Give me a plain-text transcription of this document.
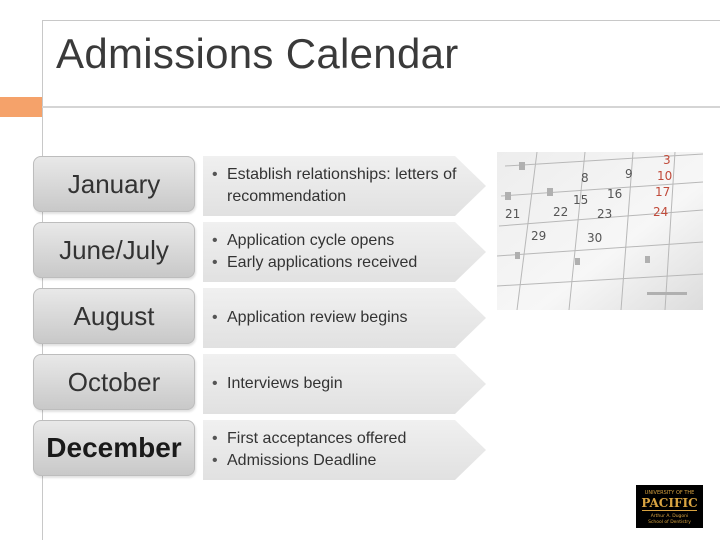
Admissions Calendar
January	• Establish relationships: letters of recommendation
June/July	• Application cycle opens
• Early applications received
August	• Application review begins
October	• Interviews begin
December	• First acceptances offered
• Admissions Deadline
3
8	9 10
15 16	17
21	22 23	24
29	30
UNIVERSITY OF THE
PACIFIC
Arthur A. Dugoni
School of Dentistry
